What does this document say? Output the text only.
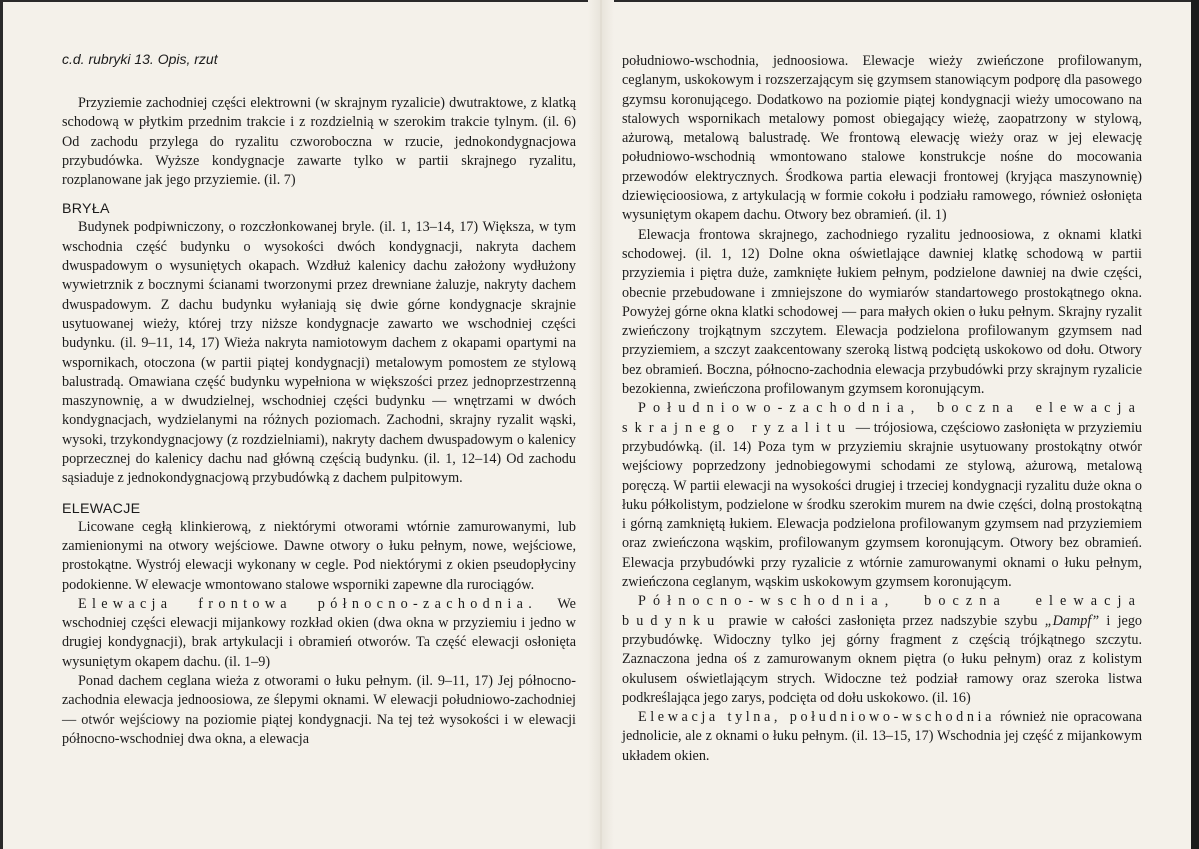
c.d. rubryki 13. Opis, rzut

Przyziemie zachodniej części elektrowni (w skrajnym ryzalicie) dwutraktowe, z klatką schodową w płytkim przednim trakcie i z rozdzielnią w szerokim trakcie tylnym. (il. 6) Od zachodu przylega do ryzalitu czworoboczna w rzucie, jednokondygnacjowa przybudówka. Wyższe kondygnacje zawarte tylko w partii skrajnego ryzalitu, rozplanowane jak jego przyziemie. (il. 7)

BRYŁA

Budynek podpiwniczony, o rozczłonkowanej bryle. (il. 1, 13–14, 17) Większa, w tym wschodnia część budynku o wysokości dwóch kondygnacji, nakryta dachem dwuspadowym o wysuniętych okapach. Wzdłuż kalenicy dachu założony wydłużony wywietrznik z bocznymi ścianami tworzonymi przez drewniane żaluzje, nakryty dachem dwuspadowym. Z dachu budynku wyłaniają się dwie górne kondygnacje skrajnie usytuowanej wieży, której trzy niższe kondygnacje zawarto we wschodniej części budynku. (il. 9–11, 14, 17) Wieża nakryta namiotowym dachem z okapami opartymi na wspornikach, otoczona (w partii piątej kondygnacji) metalowym pomostem ze stylową balustradą. Omawiana część budynku wypełniona w większości przez jednoprzestrzenną maszynownię, a w dwudzielnej, wschodniej części budynku — wnętrzami w dwóch kondygnacjach, wydzielanymi na różnych poziomach. Zachodni, skrajny ryzalit wąski, wysoki, trzykondygnacjowy (z rozdzielniami), nakryty dachem dwuspadowym o kalenicy poprzecznej do kalenicy dachu nad główną częścią budynku. (il. 1, 12–14) Od zachodu sąsiaduje z jednokondygnacjową przybudówką z dachem pulpitowym.

ELEWACJE

Licowane cegłą klinkierową, z niektórymi otworami wtórnie zamurowanymi, lub zamienionymi na otwory wejściowe. Dawne otwory o łuku pełnym, nowe, wejściowe, prostokątne. Wystrój elewacji wykonany w cegle. Pod niektórymi z okien pseudopłyciny podokienne. W elewacje wmontowano stalowe wsporniki zapewne dla rurociągów.

Elewacja frontowa północno-zachodnia. We wschodniej części elewacji mijankowy rozkład okien (dwa okna w przyziemiu i jedno w drugiej kondygnacji), brak artykulacji i obramień otworów. Ta część elewacji osłonięta wysuniętym okapem dachu. (il. 1–9)

Ponad dachem ceglana wieża z otworami o łuku pełnym. (il. 9–11, 17) Jej północno-zachodnia elewacja jednoosiowa, ze ślepymi oknami. W elewacji południowo-zachodniej — otwór wejściowy na poziomie piątej kondygnacji. Na tej też wysokości i w elewacji północno-wschodniej dwa okna, a elewacja

południowo-wschodnia, jednoosiowa. Elewacje wieży zwieńczone profilowanym, ceglanym, uskokowym i rozszerzającym się gzymsem stanowiącym podporę dla pasowego gzymsu koronującego. Dodatkowo na poziomie piątej kondygnacji wieży umocowano na stalowych wspornikach metalowy pomost obiegający wieżę, zaopatrzony w stylową, ażurową, metalową balustradę. We frontową elewację wieży oraz w jej elewację południowo-wschodnią wmontowano stalowe konstrukcje nośne do mocowania przewodów elektrycznych. Środkowa partia elewacji frontowej (kryjąca maszynownię) dziewięcioosiowa, z artykulacją w formie cokołu i podziału ramowego, również osłonięta wysuniętym okapem dachu. Otwory bez obramień. (il. 1)

Elewacja frontowa skrajnego, zachodniego ryzalitu jednoosiowa, z oknami klatki schodowej. (il. 1, 12) Dolne okna oświetlające dawniej klatkę schodową w partii przyziemia i piętra duże, zamknięte łukiem pełnym, podzielone dawniej na dwie części, obecnie przebudowane i zmniejszone do wymiarów standartowego prostokątnego okna. Powyżej górne okna klatki schodowej — para małych okien o łuku pełnym. Skrajny ryzalit zwieńczony trojkątnym szczytem. Elewacja podzielona profilowanym gzymsem nad przyziemiem, a szczyt zaakcentowany szeroką listwą podciętą uskokowo od dołu. Otwory bez obramień. Boczna, północno-zachodnia elewacja przybudówki przy skrajnym ryzalicie bezokienna, zwieńczona profilowanym gzymsem koronującym.

Południowo-zachodnia, boczna elewacja skrajnego ryzalitu — trójosiowa, częściowo zasłonięta w przyziemiu przybudówką. (il. 14) Poza tym w przyziemiu skrajnie usytuowany prostokątny otwór wejściowy poprzedzony jednobiegowymi schodami ze stylową, ażurową, metalową poręczą. W partii elewacji na wysokości drugiej i trzeciej kondygnacji ryzalitu duże okna o łuku półkolistym, podzielone w środku szerokim murem na dwie części, dolną prostokątną i górną zamkniętą łukiem. Elewacja podzielona profilowanym gzymsem nad przyziemiem oraz zwieńczona wąskim, profilowanym gzymsem koronującym. Otwory bez obramień. Elewacja przybudówki przy ryzalicie z wtórnie zamurowanymi oknami o łuku pełnym, zwieńczona ceglanym, wąskim uskokowym gzymsem koronującym.

Północno-wschodnia, boczna elewacja budynku prawie w całości zasłonięta przez nadszybie szybu „Dampf” i jego przybudówkę. Widoczny tylko jej górny fragment z częścią trójkątnego szczytu. Zaznaczona jedna oś z zamurowanym oknem piętra (o łuku pełnym) oraz z kolistym okulusem oświetlającym strych. Widoczne też podział ramowy oraz szeroka listwa podkreślająca jego zarys, podcięta od dołu uskokowo. (il. 16)

Elewacja tylna, południowo-wschodnia również nie opracowana jednolicie, ale z oknami o łuku pełnym. (il. 13–15, 17) Wschodnia jej część z mijankowym układem okien.
